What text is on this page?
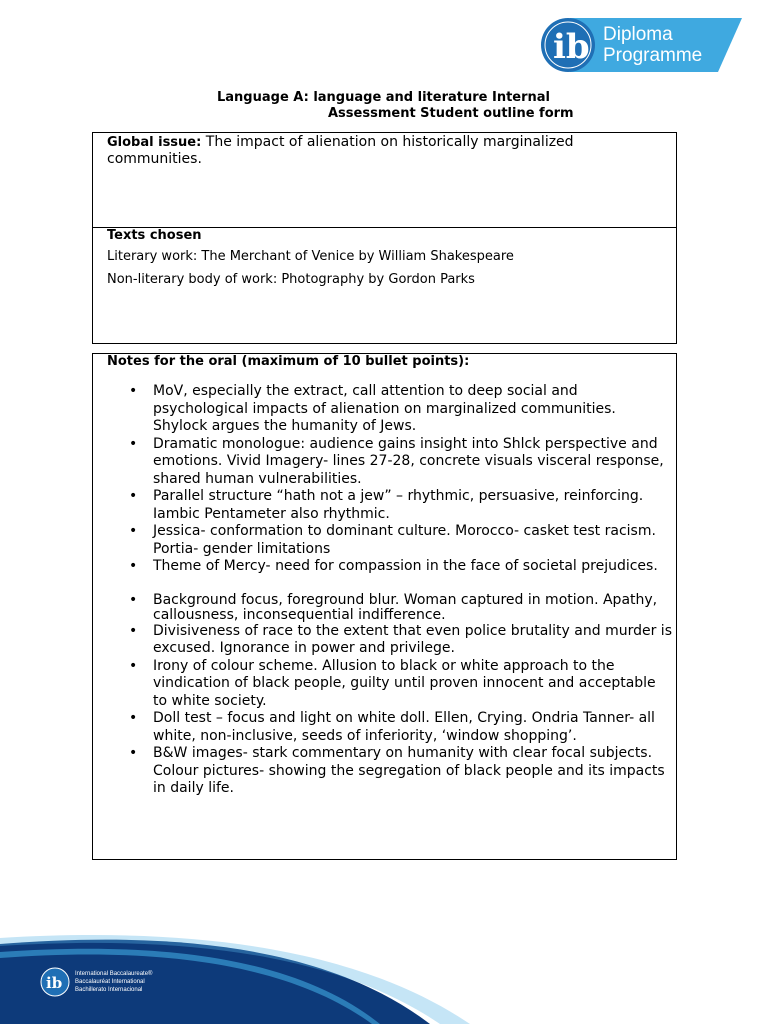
ib Diploma
Programme
Language A: language and literature Internal
Assessment Student outline form
Global issue: The impact of alienation on historically marginalized communities.
Texts chosen
Literary work: The Merchant of Venice by William Shakespeare
Non-literary body of work: Photography by Gordon Parks
Notes for the oral (maximum of 10 bullet points):
• MoV, especially the extract, call attention to deep social and psychological impacts of alienation on marginalized communities. Shylock argues the humanity of Jews.
• Dramatic monologue: audience gains insight into Shlck perspective and emotions. Vivid Imagery- lines 27-28, concrete visuals visceral response, shared human vulnerabilities.
• Parallel structure “hath not a jew” – rhythmic, persuasive, reinforcing. Iambic Pentameter also rhythmic.
• Jessica- conformation to dominant culture. Morocco- casket test racism. Portia- gender limitations
• Theme of Mercy- need for compassion in the face of societal prejudices.
• Background focus, foreground blur. Woman captured in motion. Apathy, callousness, inconsequential indifference.
• Divisiveness of race to the extent that even police brutality and murder is excused. Ignorance in power and privilege.
• Irony of colour scheme. Allusion to black or white approach to the vindication of black people, guilty until proven innocent and acceptable to white society.
• Doll test – focus and light on white doll. Ellen, Crying. Ondria Tanner- all white, non-inclusive, seeds of inferiority, ‘window shopping’.
• B&W images- stark commentary on humanity with clear focal subjects. Colour pictures- showing the segregation of black people and its impacts in daily life.
ib International Baccalaureate®
Baccalauréat International
Bachillerato Internacional
